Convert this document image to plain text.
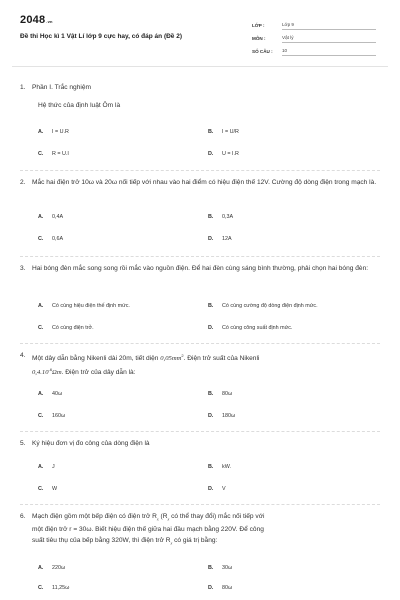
2048.vn
Đề thi Học kì 1 Vật Lí lớp 9 cực hay, có đáp án (Đề 2)
LỚP :	Lớp 9
MÔN :	Vật lý
SỐ CÂU :	10
1. Phần I. Trắc nghiệm
Hệ thức của định luật Ôm là
A.	I = U.R	B.	I = U/R
C.	R = U.I	D.	U = I.R
2. Mắc hai điện trở 10ω và 20ω nối tiếp với nhau vào hai điểm có hiệu điện thế 12V. Cường độ dòng điện trong mạch là.
A.	0,4A	B.	0,3A
C.	0,6A	D.	12A
3. Hai bóng đèn mắc song song rồi mắc vào nguồn điện. Để hai đèn cùng sáng bình thường, phải chọn hai bóng đèn:
A.	Có cùng hiệu điện thế định mức.	B.	Có cùng cường độ dòng điện định mức.
C.	Có cùng điện trở.	D.	Có cùng công suất định mức.
4. Một dây dẫn bằng Nikenli dài 20m, tiết diện $0,05mm^2$. Điện trở suất của Nikenli
$0,4.10^{-6}\Omega m$. Điện trở của dây dẫn là:
A.	40ω	B.	80ω
C.	160ω	D.	180ω
5. Ký hiệu đơn vị đo công của dòng điện là
A.	J	B.	kW.
C.	W	D.	V
6. Mạch điện gồm một bếp điện có điện trở $R_x$ ($R_x$ có thể thay đổi) mắc nối tiếp với
một điện trở r = 30ω. Biết hiệu điện thế giữa hai đầu mạch bằng 220V. Để công
suất tiêu thụ của bếp bằng 320W, thì điện trở $R_x$ có giá trị bằng:
A.	220ω	B.	30ω
C.	11,25ω	D.	80ω
